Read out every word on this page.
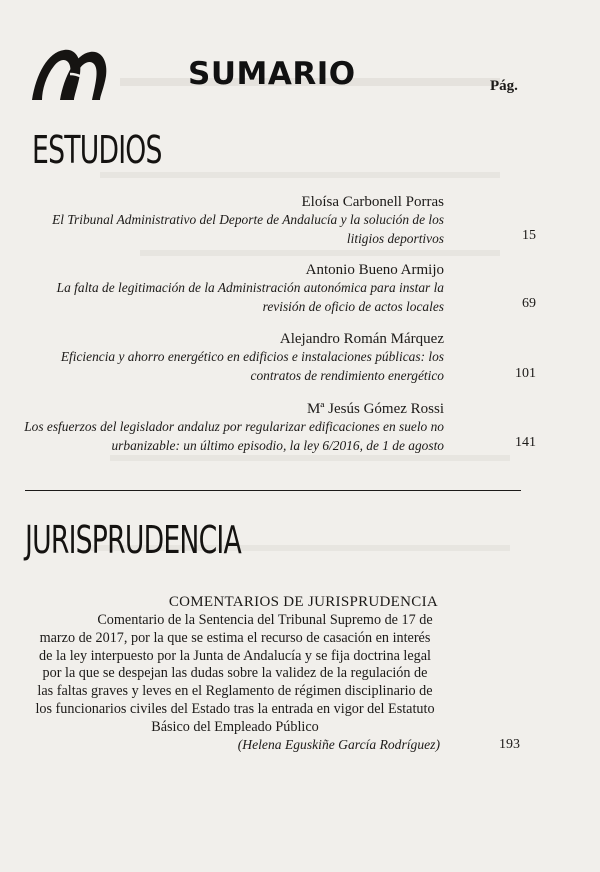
SUMARIO	Pág.
ESTUDIOS
Eloísa Carbonell Porras
El Tribunal Administrativo del Deporte de Andalucía y la solución de los
litigios deportivos	15
Antonio Bueno Armijo
La falta de legitimación de la Administración autonómica para instar la
revisión de oficio de actos locales	69
Alejandro Román Márquez
Eficiencia y ahorro energético en edificios e instalaciones públicas: los
contratos de rendimiento energético	101
Mª Jesús Gómez Rossi
Los esfuerzos del legislador andaluz por regularizar edificaciones en suelo no
urbanizable: un último episodio, la ley 6/2016, de 1 de agosto	141
JURISPRUDENCIA
COMENTARIOS DE JURISPRUDENCIA
Comentario de la Sentencia del Tribunal Supremo de 17 de
marzo de 2017, por la que se estima el recurso de casación en interés
de la ley interpuesto por la Junta de Andalucía y se fija doctrina legal
por la que se despejan las dudas sobre la validez de la regulación de
las faltas graves y leves en el Reglamento de régimen disciplinario de
los funcionarios civiles del Estado tras la entrada en vigor del Estatuto
Básico del Empleado Público
(Helena Eguskiñe García Rodríguez)	193
